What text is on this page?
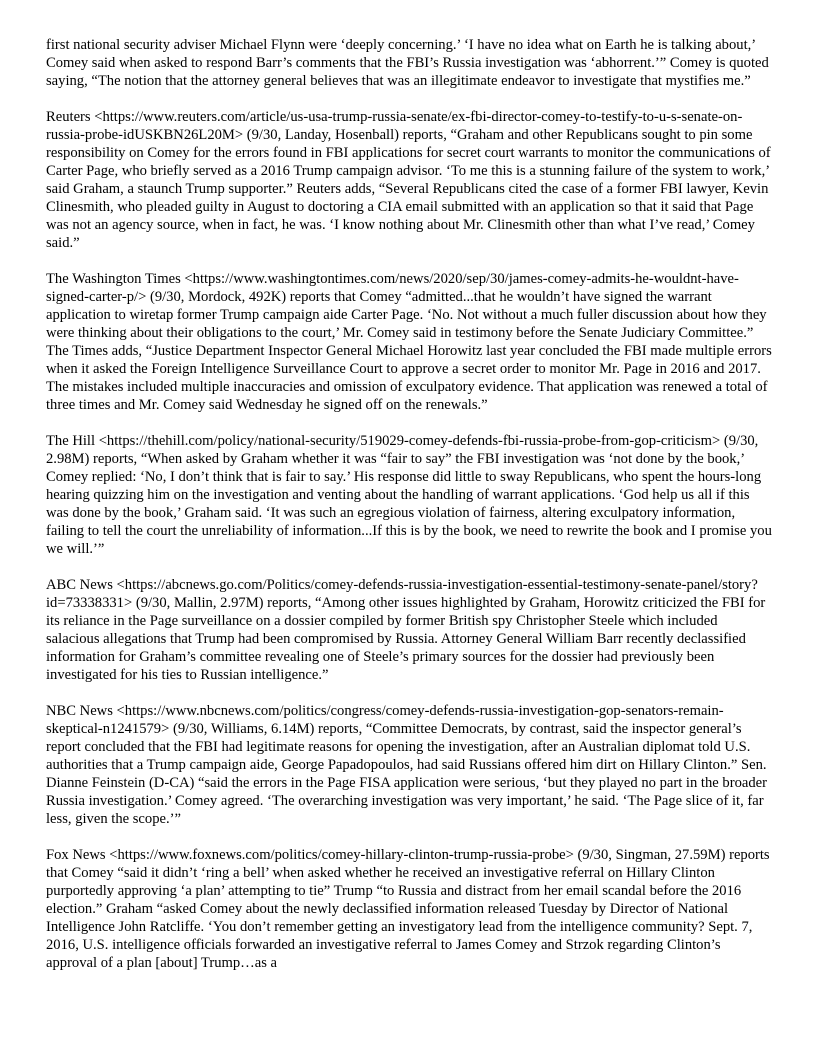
first national security adviser Michael Flynn were ‘deeply concerning.’ ‘I have no idea what on Earth he is talking about,’ Comey said when asked to respond Barr’s comments that the FBI’s Russia investigation was ‘abhorrent.’” Comey is quoted saying, “The notion that the attorney general believes that was an illegitimate endeavor to investigate that mystifies me.”

Reuters <https://www.reuters.com/article/us-usa-trump-russia-senate/ex-fbi-director-comey-to-testify-to-u-s-senate-on-russia-probe-idUSKBN26L20M> (9/30, Landay, Hosenball) reports, “Graham and other Republicans sought to pin some responsibility on Comey for the errors found in FBI applications for secret court warrants to monitor the communications of Carter Page, who briefly served as a 2016 Trump campaign advisor. ‘To me this is a stunning failure of the system to work,’ said Graham, a staunch Trump supporter.” Reuters adds, “Several Republicans cited the case of a former FBI lawyer, Kevin Clinesmith, who pleaded guilty in August to doctoring a CIA email submitted with an application so that it said that Page was not an agency source, when in fact, he was. ‘I know nothing about Mr. Clinesmith other than what I’ve read,’ Comey said.”

The Washington Times <https://www.washingtontimes.com/news/2020/sep/30/james-comey-admits-he-wouldnt-have-signed-carter-p/> (9/30, Mordock, 492K) reports that Comey “admitted...that he wouldn’t have signed the warrant application to wiretap former Trump campaign aide Carter Page. ‘No. Not without a much fuller discussion about how they were thinking about their obligations to the court,’ Mr. Comey said in testimony before the Senate Judiciary Committee.” The Times adds, “Justice Department Inspector General Michael Horowitz last year concluded the FBI made multiple errors when it asked the Foreign Intelligence Surveillance Court to approve a secret order to monitor Mr. Page in 2016 and 2017. The mistakes included multiple inaccuracies and omission of exculpatory evidence. That application was renewed a total of three times and Mr. Comey said Wednesday he signed off on the renewals.”

The Hill <https://thehill.com/policy/national-security/519029-comey-defends-fbi-russia-probe-from-gop-criticism> (9/30, 2.98M) reports, “When asked by Graham whether it was “fair to say” the FBI investigation was ‘not done by the book,’ Comey replied: ‘No, I don’t think that is fair to say.’ His response did little to sway Republicans, who spent the hours-long hearing quizzing him on the investigation and venting about the handling of warrant applications. ‘God help us all if this was done by the book,’ Graham said. ‘It was such an egregious violation of fairness, altering exculpatory information, failing to tell the court the unreliability of information...If this is by the book, we need to rewrite the book and I promise you we will.’”

ABC News <https://abcnews.go.com/Politics/comey-defends-russia-investigation-essential-testimony-senate-panel/story?id=73338331> (9/30, Mallin, 2.97M) reports, “Among other issues highlighted by Graham, Horowitz criticized the FBI for its reliance in the Page surveillance on a dossier compiled by former British spy Christopher Steele which included salacious allegations that Trump had been compromised by Russia. Attorney General William Barr recently declassified information for Graham’s committee revealing one of Steele’s primary sources for the dossier had previously been investigated for his ties to Russian intelligence.”

NBC News <https://www.nbcnews.com/politics/congress/comey-defends-russia-investigation-gop-senators-remain-skeptical-n1241579> (9/30, Williams, 6.14M) reports, “Committee Democrats, by contrast, said the inspector general’s report concluded that the FBI had legitimate reasons for opening the investigation, after an Australian diplomat told U.S. authorities that a Trump campaign aide, George Papadopoulos, had said Russians offered him dirt on Hillary Clinton.” Sen. Dianne Feinstein (D-CA) “said the errors in the Page FISA application were serious, ‘but they played no part in the broader Russia investigation.’ Comey agreed. ‘The overarching investigation was very important,’ he said. ‘The Page slice of it, far less, given the scope.’”

Fox News <https://www.foxnews.com/politics/comey-hillary-clinton-trump-russia-probe> (9/30, Singman, 27.59M) reports that Comey “said it didn’t ‘ring a bell’ when asked whether he received an investigative referral on Hillary Clinton purportedly approving ‘a plan’ attempting to tie” Trump “to Russia and distract from her email scandal before the 2016 election.” Graham “asked Comey about the newly declassified information released Tuesday by Director of National Intelligence John Ratcliffe. ‘You don’t remember getting an investigatory lead from the intelligence community? Sept. 7, 2016, U.S. intelligence officials forwarded an investigative referral to James Comey and Strzok regarding Clinton’s approval of a plan [about] Trump…as a
